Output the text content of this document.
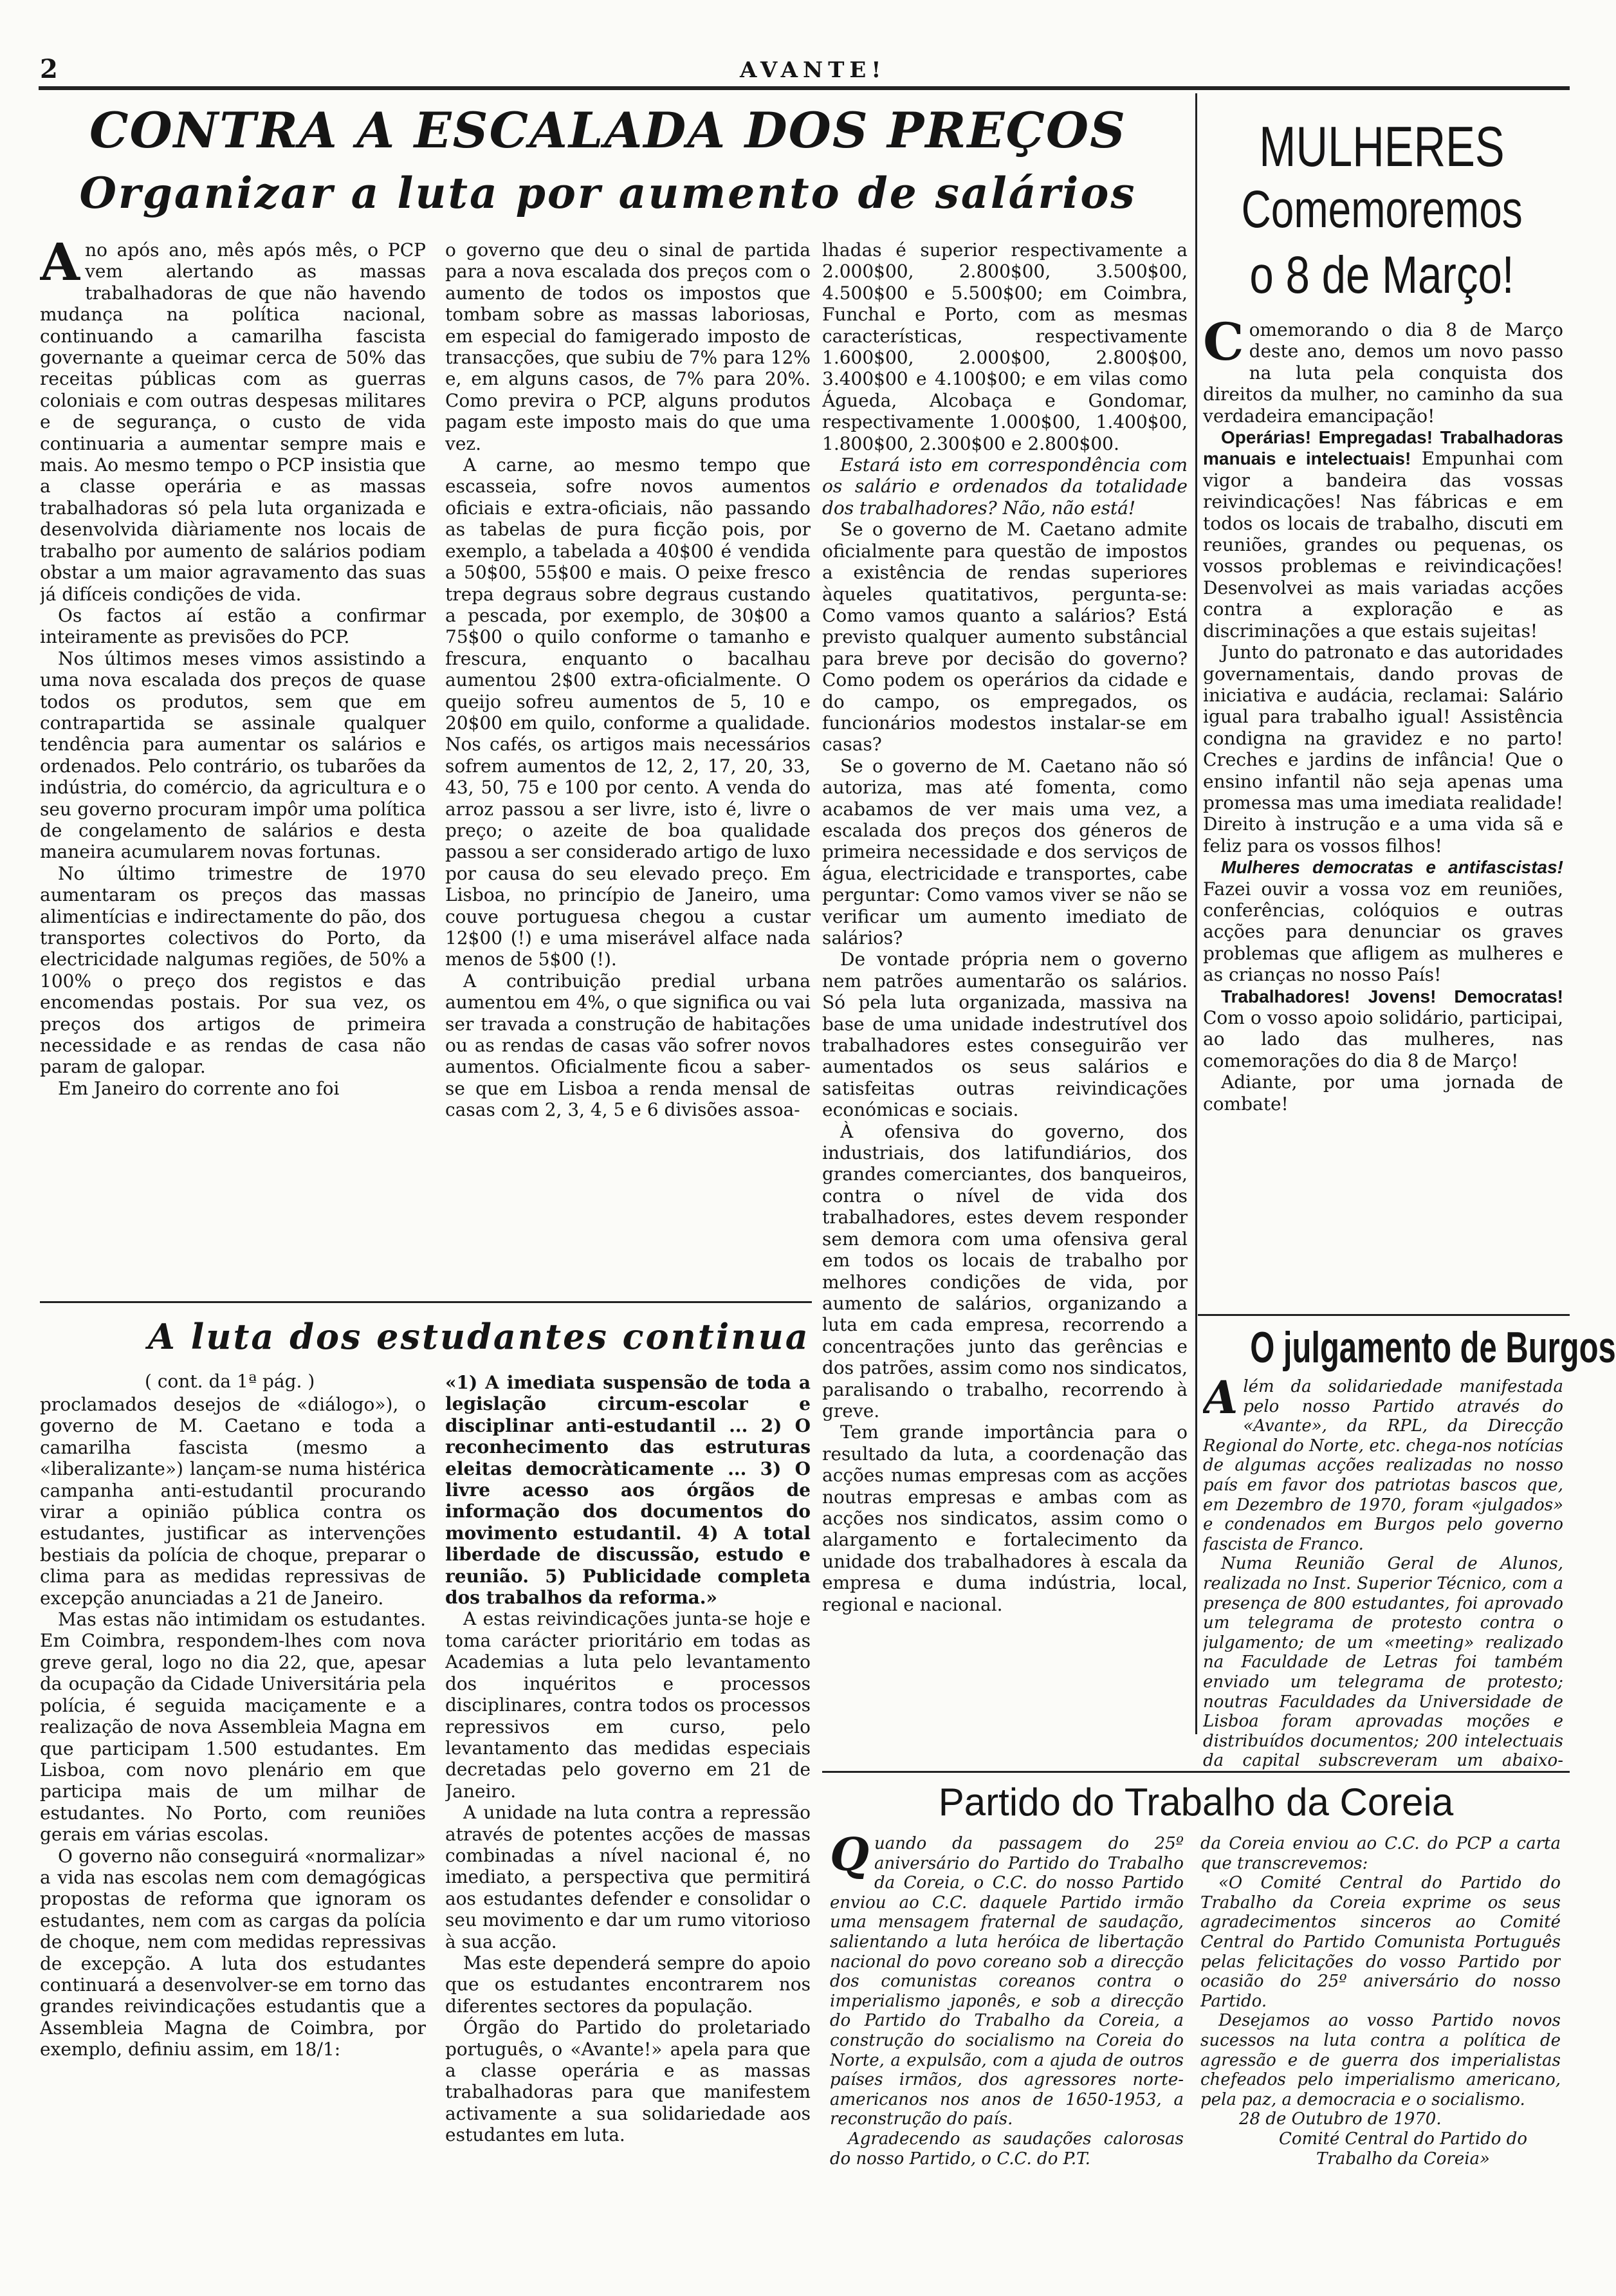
2	AVANTE!
CONTRA A ESCALADA DOS PREÇOS
Organizar a luta por aumento de salários

Ano após ano, mês após mês, o PCP vem alertando as massas trabalhadoras de que não havendo mudança na política nacional, continuando a camarilha fascista governante a queimar cerca de 50% das receitas públicas com as guerras coloniais e com outras despesas militares e de segurança, o custo de vida continuaria a aumentar sempre mais e mais. Ao mesmo tempo o PCP insistia que a classe operária e as massas trabalhadoras só pela luta organizada e desenvolvida diàriamente nos locais de trabalho por aumento de salários podiam obstar a um maior agravamento das suas já difíceis condições de vida.

Os factos aí estão a confirmar inteiramente as previsões do PCP.

Nos últimos meses vimos assistindo a uma nova escalada dos preços de quase todos os produtos, sem que em contrapartida se assinale qualquer tendência para aumentar os salários e ordenados. Pelo contrário, os tubarões da indústria, do comércio, da agricultura e o seu governo procuram impôr uma política de congelamento de salários e desta maneira acumularem novas fortunas.

No último trimestre de 1970 aumentaram os preços das massas alimentícias e indirectamente do pão, dos transportes colectivos do Porto, da electricidade nalgumas regiões, de 50% a 100% o preço dos registos e das encomendas postais. Por sua vez, os preços dos artigos de primeira necessidade e as rendas de casa não param de galopar.

Em Janeiro do corrente ano foi

o governo que deu o sinal de partida para a nova escalada dos preços com o aumento de todos os impostos que tombam sobre as massas laboriosas, em especial do famigerado imposto de transacções, que subiu de 7% para 12% e, em alguns casos, de 7% para 20%. Como previra o PCP, alguns produtos pagam este imposto mais do que uma vez.

A carne, ao mesmo tempo que escasseia, sofre novos aumentos oficiais e extra-oficiais, não passando as tabelas de pura ficção pois, por exemplo, a tabelada a 40$00 é vendida a 50$00, 55$00 e mais. O peixe fresco trepa degraus sobre degraus custando a pescada, por exemplo, de 30$00 a 75$00 o quilo conforme o tamanho e frescura, enquanto o bacalhau aumentou 2$00 extra-oficialmente. O queijo sofreu aumentos de 5, 10 e 20$00 em quilo, conforme a qualidade. Nos cafés, os artigos mais necessários sofrem aumentos de 12, 2, 17, 20, 33, 43, 50, 75 e 100 por cento. A venda do arroz passou a ser livre, isto é, livre o preço; o azeite de boa qualidade passou a ser considerado artigo de luxo por causa do seu elevado preço. Em Lisboa, no princípio de Janeiro, uma couve portuguesa chegou a custar 12$00 (!) e uma miserável alface nada menos de 5$00 (!).

A contribuição predial urbana aumentou em 4%, o que significa ou vai ser travada a construção de habitações ou as rendas de casas vão sofrer novos aumentos. Oficialmente ficou a saber-se que em Lisboa a renda mensal de casas com 2, 3, 4, 5 e 6 divisões assoa-

lhadas é superior respectivamente a 2.000$00, 2.800$00, 3.500$00, 4.500$00 e 5.500$00; em Coimbra, Funchal e Porto, com as mesmas características, respectivamente 1.600$00, 2.000$00, 2.800$00, 3.400$00 e 4.100$00; e em vilas como Águeda, Alcobaça e Gondomar, respectivamente 1.000$00, 1.400$00, 1.800$00, 2.300$00 e 2.800$00.

Estará isto em correspondência com os salário e ordenados da totalidade dos trabalhadores? Não, não está!

Se o governo de M. Caetano admite oficialmente para questão de impostos a existência de rendas superiores àqueles quatitativos, pergunta-se: Como vamos quanto a salários? Está previsto qualquer aumento substâncial para breve por decisão do governo? Como podem os operários da cidade e do campo, os empregados, os funcionários modestos instalar-se em casas?

Se o governo de M. Caetano não só autoriza, mas até fomenta, como acabamos de ver mais uma vez, a escalada dos preços dos géneros de primeira necessidade e dos serviços de água, electricidade e transportes, cabe perguntar: Como vamos viver se não se verificar um aumento imediato de salários?

De vontade própria nem o governo nem patrões aumentarão os salários. Só pela luta organizada, massiva na base de uma unidade indestrutível dos trabalhadores estes conseguirão ver aumentados os seus salários e satisfeitas outras reivindicações económicas e sociais.

À ofensiva do governo, dos industriais, dos latifundiários, dos grandes comerciantes, dos banqueiros, contra o nível de vida dos trabalhadores, estes devem responder sem demora com uma ofensiva geral em todos os locais de trabalho por melhores condições de vida, por aumento de salários, organizando a luta em cada empresa, recorrendo a concentrações junto das gerências e dos patrões, assim como nos sindicatos, paralisando o trabalho, recorrendo à greve.

Tem grande importância para o resultado da luta, a coordenação das acções numas empresas com as acções noutras empresas e ambas com as acções nos sindicatos, assim como o alargamento e fortalecimento da unidade dos trabalhadores à escala da empresa e duma indústria, local, regional e nacional.

MULHERES
Comemoremos
o 8 de Março!

Comemorando o dia 8 de Março deste ano, demos um novo passo na luta pela conquista dos direitos da mulher, no caminho da sua verdadeira emancipação!

Operárias! Empregadas! Trabalhadoras manuais e intelectuais! Empunhai com vigor a bandeira das vossas reivindicações! Nas fábricas e em todos os locais de trabalho, discuti em reuniões, grandes ou pequenas, os vossos problemas e reivindicações! Desenvolvei as mais variadas acções contra a exploração e as discriminações a que estais sujeitas!

Junto do patronato e das autoridades governamentais, dando provas de iniciativa e audácia, reclamai: Salário igual para trabalho igual! Assistência condigna na gravidez e no parto! Creches e jardins de infância! Que o ensino infantil não seja apenas uma promessa mas uma imediata realidade! Direito à instrução e a uma vida sã e feliz para os vossos filhos!

Mulheres democratas e antifascistas! Fazei ouvir a vossa voz em reuniões, conferências, colóquios e outras acções para denunciar os graves problemas que afligem as mulheres e as crianças no nosso País!

Trabalhadores! Jovens! Democratas! Com o vosso apoio solidário, participai, ao lado das mulheres, nas comemorações do dia 8 de Março!

Adiante, por uma jornada de combate!

O julgamento de Burgos

Além da solidariedade manifestada pelo nosso Partido através do «Avante», da RPL, da Direcção Regional do Norte, etc. chega-nos notícias de algumas acções realizadas no nosso país em favor dos patriotas bascos que, em Dezembro de 1970, foram «julgados» e condenados em Burgos pelo governo fascista de Franco.

Numa Reunião Geral de Alunos, realizada no Inst. Superior Técnico, com a presença de 800 estudantes, foi aprovado um telegrama de protesto contra o julgamento; de um «meeting» realizado na Faculdade de Letras foi também enviado um telegrama de protesto; noutras Faculdades da Universidade de Lisboa foram aprovadas moções e distribuídos documentos; 200 intelectuais da capital subscreveram um abaixo-

A luta dos estudantes continua
( cont. da 1ª pág. )

proclamados desejos de «diálogo»), o governo de M. Caetano e toda a camarilha fascista (mesmo a «liberalizante») lançam-se numa histérica campanha anti-estudantil procurando virar a opinião pública contra os estudantes, justificar as intervenções bestiais da polícia de choque, preparar o clima para as medidas repressivas de excepção anunciadas a 21 de Janeiro.

Mas estas não intimidam os estudantes. Em Coimbra, respondem-lhes com nova greve geral, logo no dia 22, que, apesar da ocupação da Cidade Universitária pela polícia, é seguida maciçamente e a realização de nova Assembleia Magna em que participam 1.500 estudantes. Em Lisboa, com novo plenário em que participa mais de um milhar de estudantes. No Porto, com reuniões gerais em várias escolas.

O governo não conseguirá «normalizar» a vida nas escolas nem com demagógicas propostas de reforma que ignoram os estudantes, nem com as cargas da polícia de choque, nem com medidas repressivas de excepção. A luta dos estudantes continuará a desenvolver-se em torno das grandes reivindicações estudantis que a Assembleia Magna de Coimbra, por exemplo, definiu assim, em 18/1:

«1) A imediata suspensão de toda a legislação circum-escolar e disciplinar anti-estudantil ... 2) O reconhecimento das estruturas eleitas democràticamente ... 3) O livre acesso aos órgãos de informação dos documentos do movimento estudantil. 4) A total liberdade de discussão, estudo e reunião. 5) Publicidade completa dos trabalhos da reforma.»

A estas reivindicações junta-se hoje e toma carácter prioritário em todas as Academias a luta pelo levantamento dos inquéritos e processos disciplinares, contra todos os processos repressivos em curso, pelo levantamento das medidas especiais decretadas pelo governo em 21 de Janeiro.

A unidade na luta contra a repressão através de potentes acções de massas combinadas a nível nacional é, no imediato, a perspectiva que permitirá aos estudantes defender e consolidar o seu movimento e dar um rumo vitorioso à sua acção.

Mas este dependerá sempre do apoio que os estudantes encontrarem nos diferentes sectores da população.

Órgão do Partido do proletariado português, o «Avante!» apela para que a classe operária e as massas trabalhadoras para que manifestem activamente a sua solidariedade aos estudantes em luta.

Partido do Trabalho da Coreia

Quando da passagem do 25º aniversário do Partido do Trabalho da Coreia, o C.C. do nosso Partido enviou ao C.C. daquele Partido irmão uma mensagem fraternal de saudação, salientando a luta heróica de libertação nacional do povo coreano sob a direcção dos comunistas coreanos contra o imperialismo japonês, e sob a direcção do Partido do Trabalho da Coreia, a construção do socialismo na Coreia do Norte, a expulsão, com a ajuda de outros países irmãos, dos agressores norte-americanos nos anos de 1650-1953, a reconstrução do país.

Agradecendo as saudações calorosas do nosso Partido, o C.C. do P.T.

da Coreia enviou ao C.C. do PCP a carta que transcrevemos:

«O Comité Central do Partido do Trabalho da Coreia exprime os seus agradecimentos sinceros ao Comité Central do Partido Comunista Português pelas felicitações do vosso Partido por ocasião do 25º aniversário do nosso Partido.

Desejamos ao vosso Partido novos sucessos na luta contra a política de agressão e de guerra dos imperialistas chefeados pelo imperialismo americano, pela paz, a democracia e o socialismo.

28 de Outubro de 1970.

Comité Central do Partido do Trabalho da Coreia»
